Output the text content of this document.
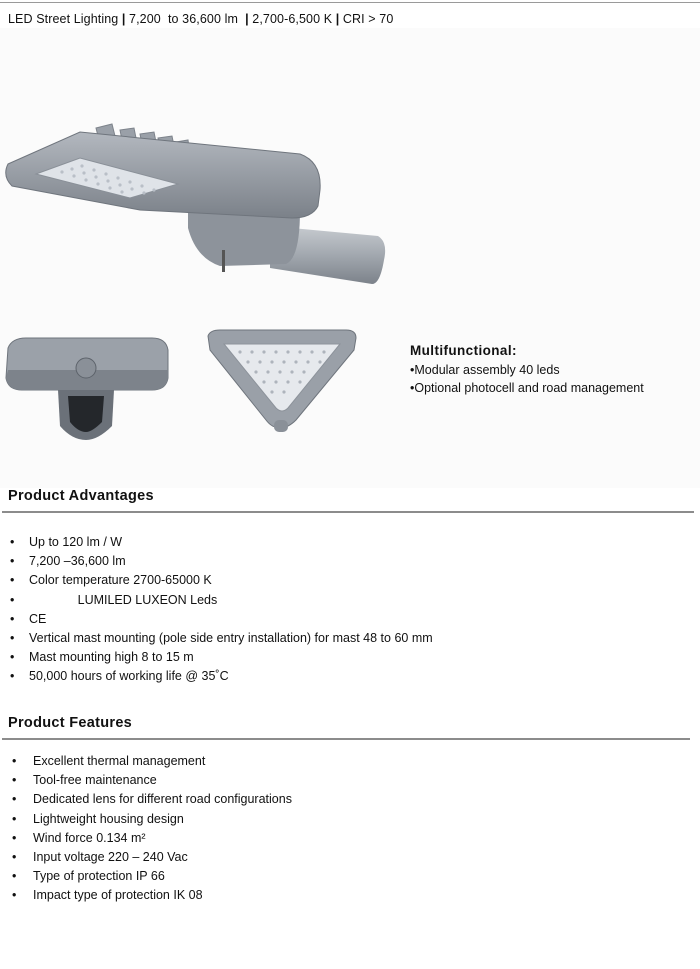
LED Street Lighting | 7,200  to 36,600 lm  | 2,700-6,500 K | CRI > 70
Multifunctional:
•Modular assembly 40 leds
•Optional photocell and road management
Product Advantages
• Up to 120 lm / W
• 7,200 –36,600 lm
• Color temperature 2700-65000 K
• LUMILED LUXEON Leds
• CE
• Vertical mast mounting (pole side entry installation) for mast 48 to 60 mm
• Mast mounting high 8 to 15 m
• 50,000 hours of working life @ 35˚C
Product Features
• Excellent thermal management
• Tool-free maintenance
• Dedicated lens for different road configurations
• Lightweight housing design
• Wind force 0.134 m²
• Input voltage 220 – 240 Vac
• Type of protection IP 66
• Impact type of protection IK 08
